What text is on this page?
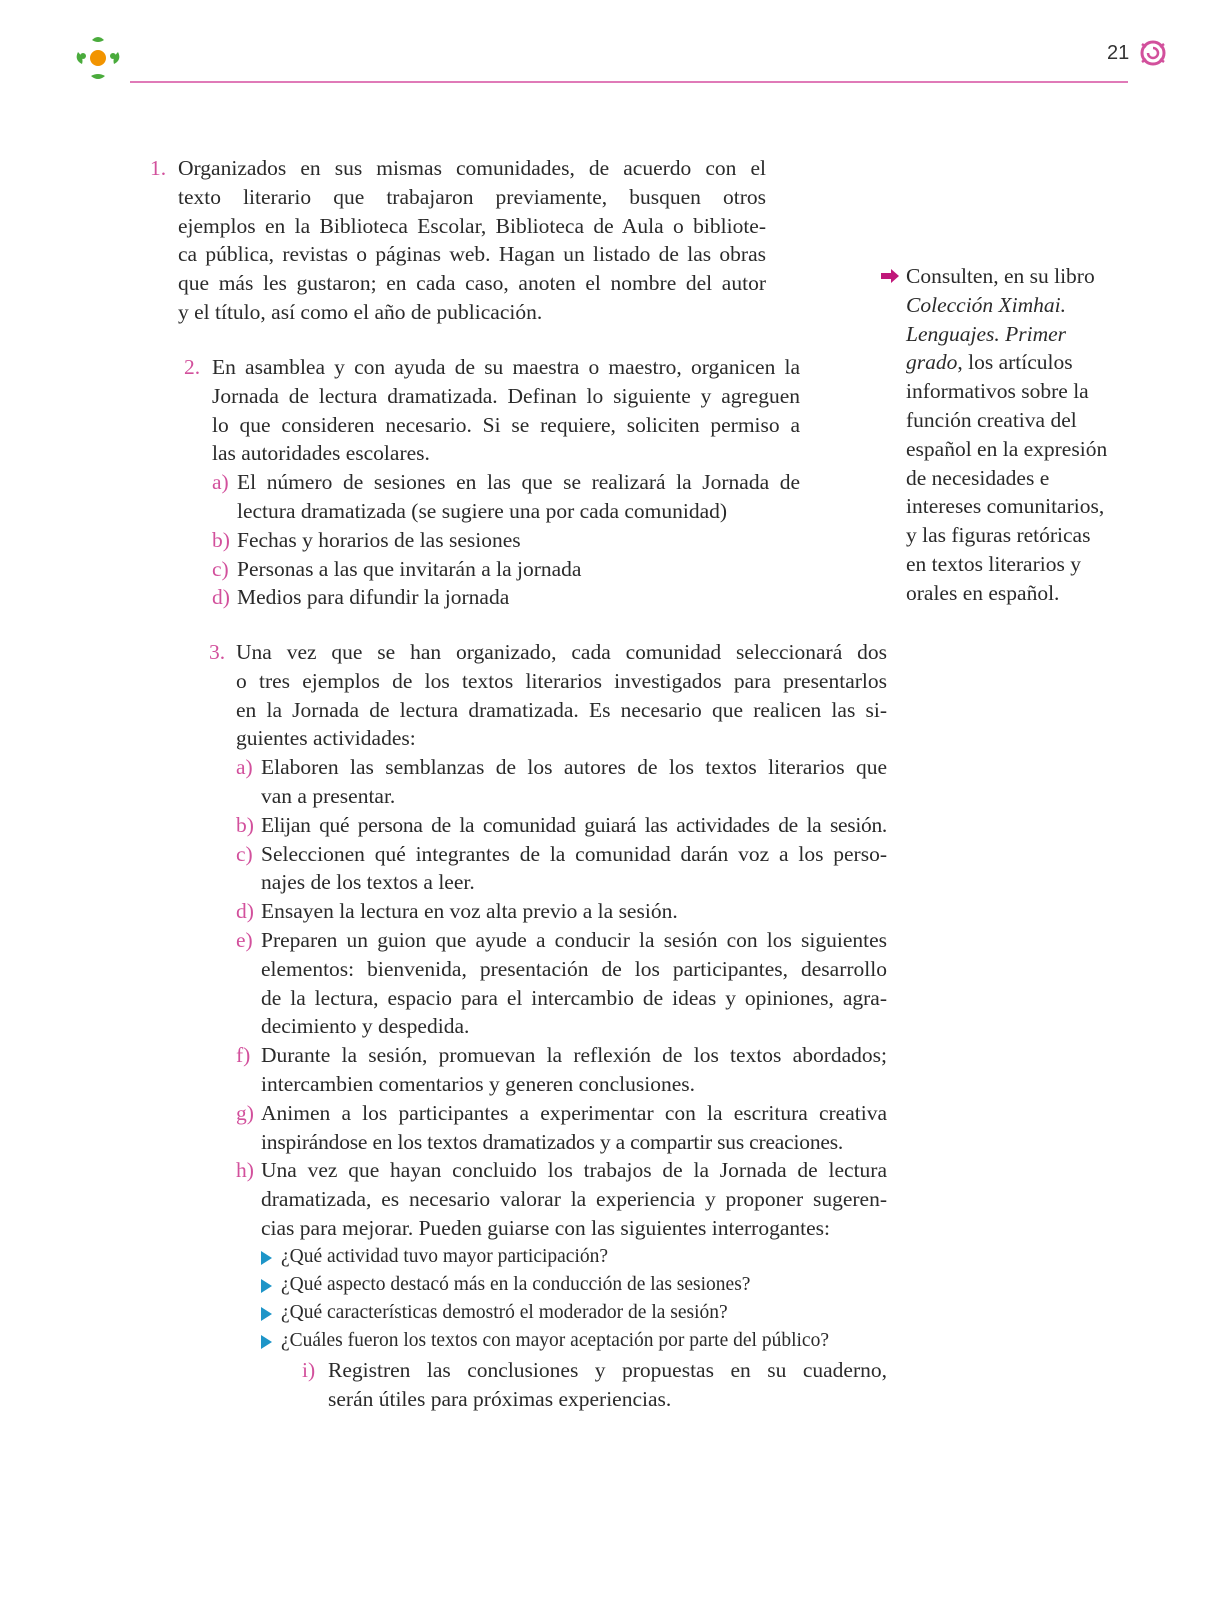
21
1. Organizados en sus mismas comunidades, de acuerdo con el

texto literario que trabajaron previamente, busquen otros

ejemplos en la Biblioteca Escolar, Biblioteca de Aula o bibliote-

ca pública, revistas o páginas web. Hagan un listado de las obras

que más les gustaron; en cada caso, anoten el nombre del autor

y el título, así como el año de publicación.

2. En asamblea y con ayuda de su maestra o maestro, organicen la

Jornada de lectura dramatizada. Definan lo siguiente y agreguen

lo que consideren necesario. Si se requiere, soliciten permiso a

las autoridades escolares.

a) El número de sesiones en las que se realizará la Jornada de

lectura dramatizada (se sugiere una por cada comunidad)

b) Fechas y horarios de las sesiones

c) Personas a las que invitarán a la jornada

d) Medios para difundir la jornada

3. Una vez que se han organizado, cada comunidad seleccionará dos

o tres ejemplos de los textos literarios investigados para presentarlos

en la Jornada de lectura dramatizada. Es necesario que realicen las si-

guientes actividades:

a) Elaboren las semblanzas de los autores de los textos literarios que

van a presentar.

b) Elijan qué persona de la comunidad guiará las actividades de la sesión.

c) Seleccionen qué integrantes de la comunidad darán voz a los perso-

najes de los textos a leer.

d) Ensayen la lectura en voz alta previo a la sesión.

e) Preparen un guion que ayude a conducir la sesión con los siguientes

elementos: bienvenida, presentación de los participantes, desarrollo

de la lectura, espacio para el intercambio de ideas y opiniones, agra-

decimiento y despedida.

f) Durante la sesión, promuevan la reflexión de los textos abordados;

intercambien comentarios y generen conclusiones.

g) Animen a los participantes a experimentar con la escritura creativa

inspirándose en los textos dramatizados y a compartir sus creaciones.

h) Una vez que hayan concluido los trabajos de la Jornada de lectura

dramatizada, es necesario valorar la experiencia y proponer sugeren-

cias para mejorar. Pueden guiarse con las siguientes interrogantes:

¿Qué actividad tuvo mayor participación?
¿Qué aspecto destacó más en la conducción de las sesiones?
¿Qué características demostró el moderador de la sesión?
¿Cuáles fueron los textos con mayor aceptación por parte del público?
i) Registren las conclusiones y propuestas en su cuaderno,

serán útiles para próximas experiencias.

Consulten, en su libro
Colección Ximhai.
Lenguajes. Primer
grado, los artículos
informativos sobre la
función creativa del
español en la expresión
de necesidades e
intereses comunitarios,
y las figuras retóricas
en textos literarios y
orales en español.
